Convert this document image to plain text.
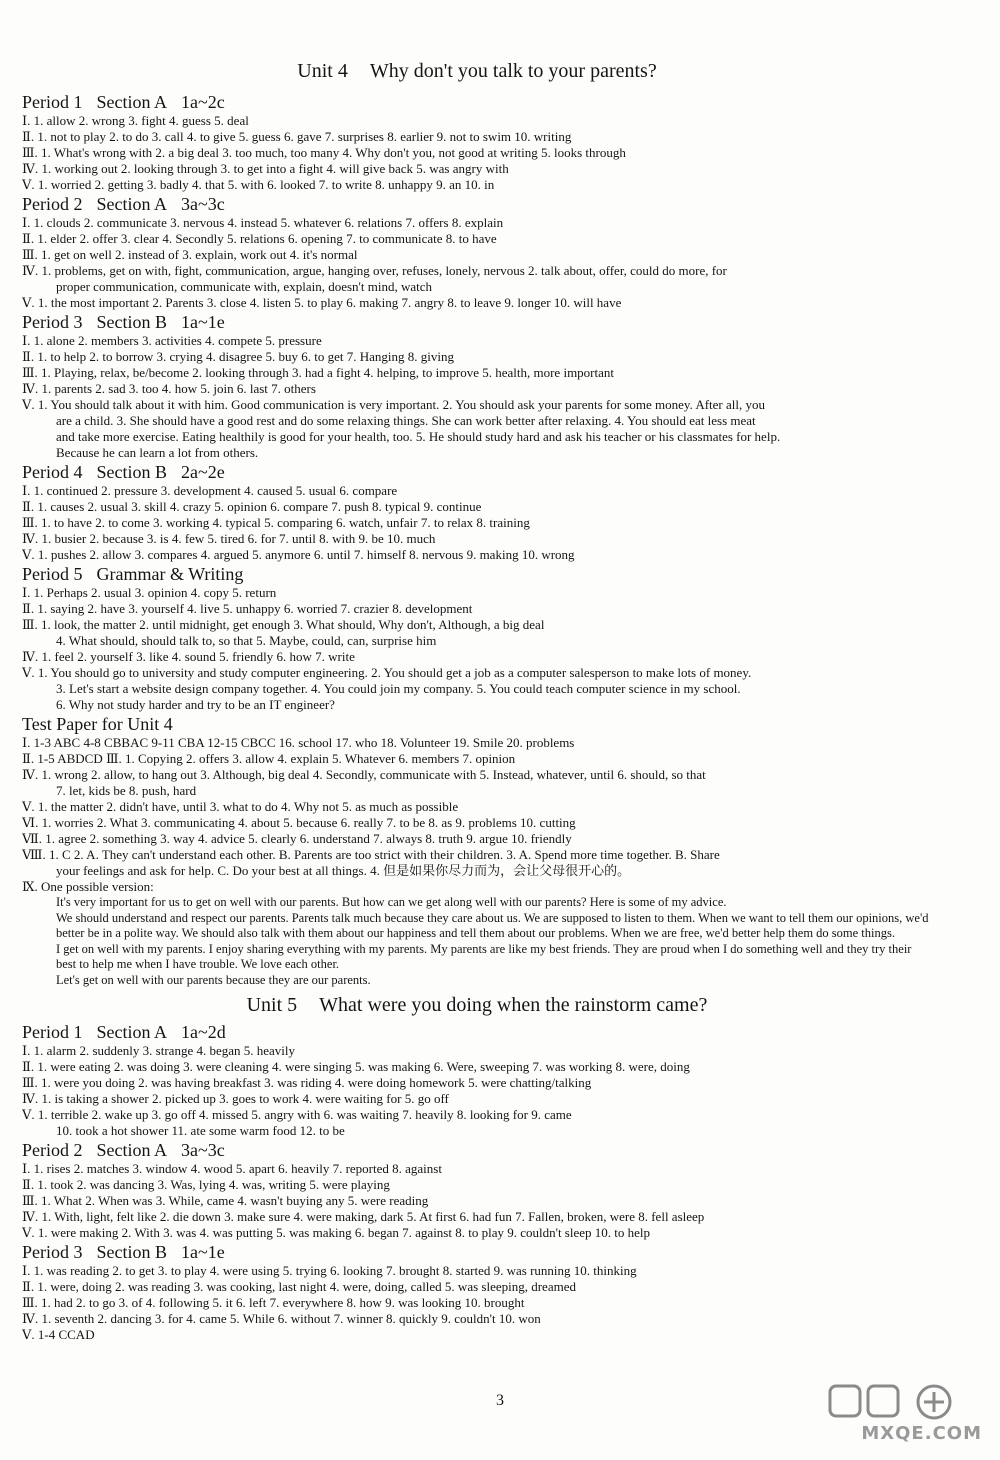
Unit 4 Why don't you talk to your parents?
Period 1 Section A 1a~2c
Ⅰ. 1. allow 2. wrong 3. fight 4. guess 5. deal
Ⅱ. 1. not to play 2. to do 3. call 4. to give 5. guess 6. gave 7. surprises 8. earlier 9. not to swim 10. writing
Ⅲ. 1. What's wrong with 2. a big deal 3. too much, too many 4. Why don't you, not good at writing 5. looks through
Ⅳ. 1. working out 2. looking through 3. to get into a fight 4. will give back 5. was angry with
Ⅴ. 1. worried 2. getting 3. badly 4. that 5. with 6. looked 7. to write 8. unhappy 9. an 10. in
Period 2 Section A 3a~3c
Ⅰ. 1. clouds 2. communicate 3. nervous 4. instead 5. whatever 6. relations 7. offers 8. explain
Ⅱ. 1. elder 2. offer 3. clear 4. Secondly 5. relations 6. opening 7. to communicate 8. to have
Ⅲ. 1. get on well 2. instead of 3. explain, work out 4. it's normal
Ⅳ. 1. problems, get on with, fight, communication, argue, hanging over, refuses, lonely, nervous 2. talk about, offer, could do more, for
proper communication, communicate with, explain, doesn't mind, watch
Ⅴ. 1. the most important 2. Parents 3. close 4. listen 5. to play 6. making 7. angry 8. to leave 9. longer 10. will have
Period 3 Section B 1a~1e
Ⅰ. 1. alone 2. members 3. activities 4. compete 5. pressure
Ⅱ. 1. to help 2. to borrow 3. crying 4. disagree 5. buy 6. to get 7. Hanging 8. giving
Ⅲ. 1. Playing, relax, be/become 2. looking through 3. had a fight 4. helping, to improve 5. health, more important
Ⅳ. 1. parents 2. sad 3. too 4. how 5. join 6. last 7. others
Ⅴ. 1. You should talk about it with him. Good communication is very important. 2. You should ask your parents for some money. After all, you
are a child. 3. She should have a good rest and do some relaxing things. She can work better after relaxing. 4. You should eat less meat
and take more exercise. Eating healthily is good for your health, too. 5. He should study hard and ask his teacher or his classmates for help.
Because he can learn a lot from others.
Period 4 Section B 2a~2e
Ⅰ. 1. continued 2. pressure 3. development 4. caused 5. usual 6. compare
Ⅱ. 1. causes 2. usual 3. skill 4. crazy 5. opinion 6. compare 7. push 8. typical 9. continue
Ⅲ. 1. to have 2. to come 3. working 4. typical 5. comparing 6. watch, unfair 7. to relax 8. training
Ⅳ. 1. busier 2. because 3. is 4. few 5. tired 6. for 7. until 8. with 9. be 10. much
Ⅴ. 1. pushes 2. allow 3. compares 4. argued 5. anymore 6. until 7. himself 8. nervous 9. making 10. wrong
Period 5 Grammar & Writing
Ⅰ. 1. Perhaps 2. usual 3. opinion 4. copy 5. return
Ⅱ. 1. saying 2. have 3. yourself 4. live 5. unhappy 6. worried 7. crazier 8. development
Ⅲ. 1. look, the matter 2. until midnight, get enough 3. What should, Why don't, Although, a big deal
4. What should, should talk to, so that 5. Maybe, could, can, surprise him
Ⅳ. 1. feel 2. yourself 3. like 4. sound 5. friendly 6. how 7. write
Ⅴ. 1. You should go to university and study computer engineering. 2. You should get a job as a computer salesperson to make lots of money.
3. Let's start a website design company together. 4. You could join my company. 5. You could teach computer science in my school.
6. Why not study harder and try to be an IT engineer?
Test Paper for Unit 4
Ⅰ. 1-3 ABC 4-8 CBBAC 9-11 CBA 12-15 CBCC 16. school 17. who 18. Volunteer 19. Smile 20. problems
Ⅱ. 1-5 ABDCD Ⅲ. 1. Copying 2. offers 3. allow 4. explain 5. Whatever 6. members 7. opinion
Ⅳ. 1. wrong 2. allow, to hang out 3. Although, big deal 4. Secondly, communicate with 5. Instead, whatever, until 6. should, so that
7. let, kids be 8. push, hard
Ⅴ. 1. the matter 2. didn't have, until 3. what to do 4. Why not 5. as much as possible
Ⅵ. 1. worries 2. What 3. communicating 4. about 5. because 6. really 7. to be 8. as 9. problems 10. cutting
Ⅶ. 1. agree 2. something 3. way 4. advice 5. clearly 6. understand 7. always 8. truth 9. argue 10. friendly
Ⅷ. 1. C 2. A. They can't understand each other. B. Parents are too strict with their children. 3. A. Spend more time together. B. Share
your feelings and ask for help. C. Do your best at all things. 4. 但是如果你尽力而为，会让父母很开心的。
Ⅸ. One possible version:
It's very important for us to get on well with our parents. But how can we get along well with our parents? Here is some of my advice.
We should understand and respect our parents. Parents talk much because they care about us. We are supposed to listen to them. When we want to tell them our opinions, we'd better be in a polite way. We should also talk with them about our happiness and tell them about our problems. When we are free, we'd better help them do some things.
I get on well with my parents. I enjoy sharing everything with my parents. My parents are like my best friends. They are proud when I do something well and they try their best to help me when I have trouble. We love each other.
Let's get on well with our parents because they are our parents.
Unit 5 What were you doing when the rainstorm came?
Period 1 Section A 1a~2d
Ⅰ. 1. alarm 2. suddenly 3. strange 4. began 5. heavily
Ⅱ. 1. were eating 2. was doing 3. were cleaning 4. were singing 5. was making 6. Were, sweeping 7. was working 8. were, doing
Ⅲ. 1. were you doing 2. was having breakfast 3. was riding 4. were doing homework 5. were chatting/talking
Ⅳ. 1. is taking a shower 2. picked up 3. goes to work 4. were waiting for 5. go off
Ⅴ. 1. terrible 2. wake up 3. go off 4. missed 5. angry with 6. was waiting 7. heavily 8. looking for 9. came
10. took a hot shower 11. ate some warm food 12. to be
Period 2 Section A 3a~3c
Ⅰ. 1. rises 2. matches 3. window 4. wood 5. apart 6. heavily 7. reported 8. against
Ⅱ. 1. took 2. was dancing 3. Was, lying 4. was, writing 5. were playing
Ⅲ. 1. What 2. When was 3. While, came 4. wasn't buying any 5. were reading
Ⅳ. 1. With, light, felt like 2. die down 3. make sure 4. were making, dark 5. At first 6. had fun 7. Fallen, broken, were 8. fell asleep
Ⅴ. 1. were making 2. With 3. was 4. was putting 5. was making 6. began 7. against 8. to play 9. couldn't sleep 10. to help
Period 3 Section B 1a~1e
Ⅰ. 1. was reading 2. to get 3. to play 4. were using 5. trying 6. looking 7. brought 8. started 9. was running 10. thinking
Ⅱ. 1. were, doing 2. was reading 3. was cooking, last night 4. were, doing, called 5. was sleeping, dreamed
Ⅲ. 1. had 2. to go 3. of 4. following 5. it 6. left 7. everywhere 8. how 9. was looking 10. brought
Ⅳ. 1. seventh 2. dancing 3. for 4. came 5. While 6. without 7. winner 8. quickly 9. couldn't 10. won
Ⅴ. 1-4 CCAD
3
MXQE.COM
